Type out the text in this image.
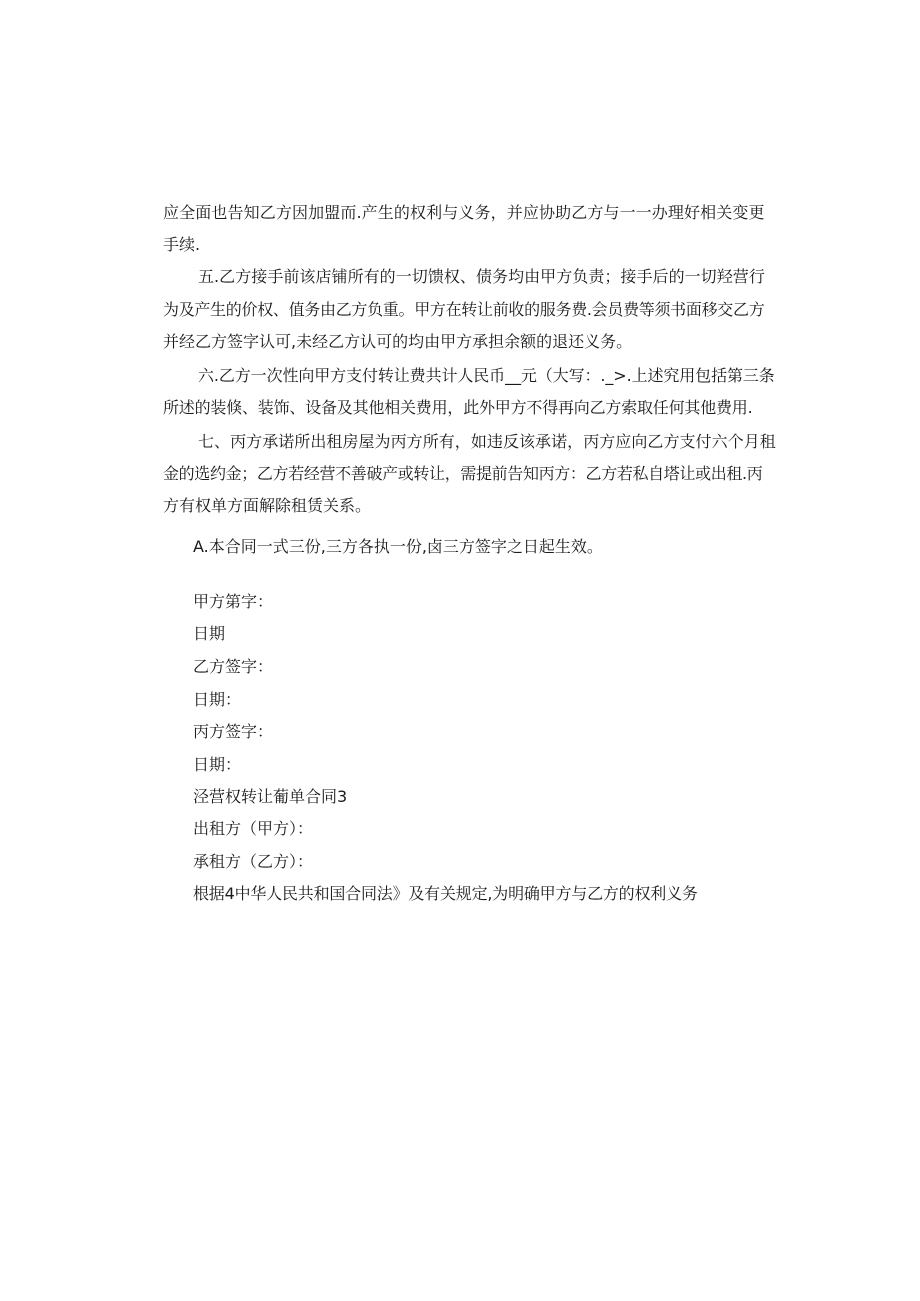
应全面也告知乙方因加盟而.产生的权利与义务，并应协助乙方与一一办理好相关变更
手续.
五.乙方接手前该店铺所有的一切馈权、债务均由甲方负责；接手后的一切羟营行
为及产生的价权、值务由乙方负重。甲方在转让前收的服务费.会员费等须书面移交乙方
并经乙方签字认可,未经乙方认可的均由甲方承担余额的退还义务。
六.乙方一次性向甲方支付转让费共计人民币__元（大写：._>.上述究用包括第三条
所述的装倏、装饰、设备及其他相关费用，此外甲方不得再向乙方索取任何其他费用.
七、丙方承诺所出租房屋为丙方所有，如违反该承诺，丙方应向乙方支付六个月租
金的选约金；乙方若经营不善破产或转让，需提前告知丙方：乙方若私自塔让或出租.丙
方有权单方面解除租赁关系。
A.本合同一式三份,三方各执一份,卤三方签字之日起生效。
甲方第字：
日期
乙方签字：
日期：
丙方签字：
日期：
泾营权转让葡单合同3
出租方（甲方）：
承租方（乙方）：
根据4中华人民共和国合同法》及有关规定,为明确甲方与乙方的权利义务
